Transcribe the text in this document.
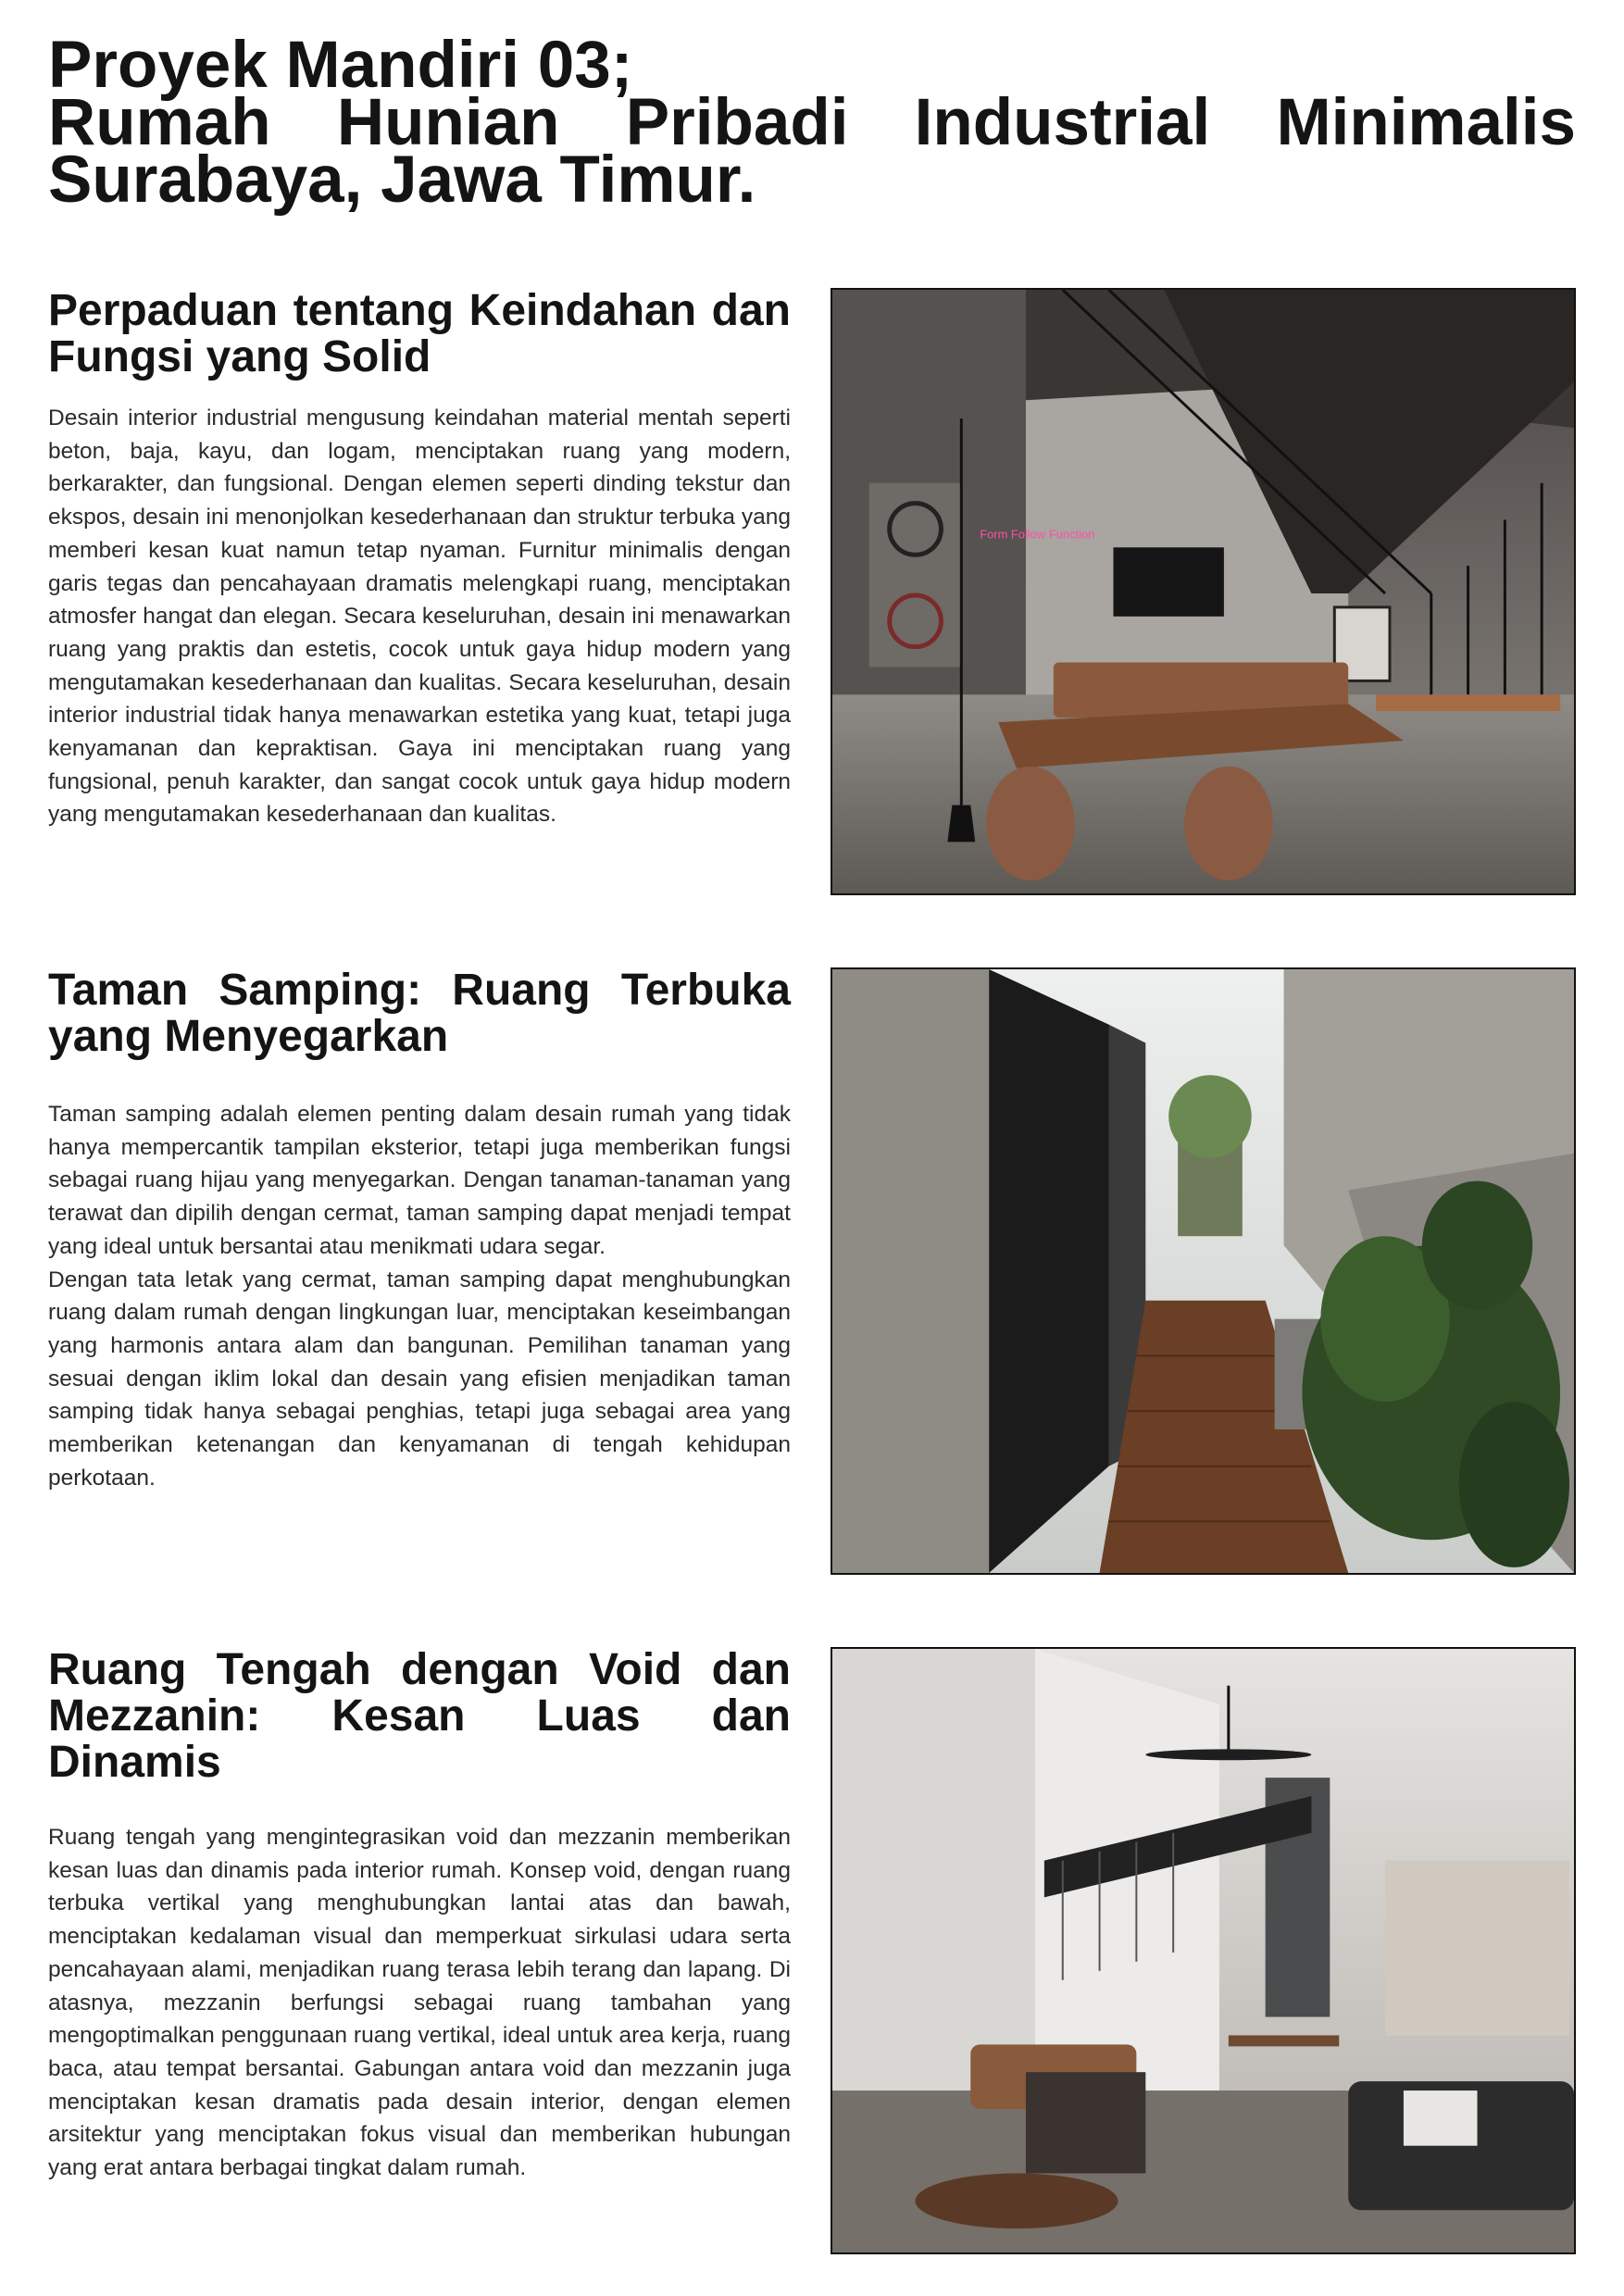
Proyek Mandiri 03;
Rumah Hunian Pribadi Industrial Minimalis
Surabaya, Jawa Timur.
Perpaduan tentang Keindahan dan Fungsi yang Solid
Desain interior industrial mengusung keindahan material mentah seperti beton, baja, kayu, dan logam, menciptakan ruang yang modern, berkarakter, dan fungsional. Dengan elemen seperti dinding tekstur dan ekspos, desain ini menonjolkan kesederhanaan dan struktur terbuka yang memberi kesan kuat namun tetap nyaman. Furnitur minimalis dengan garis tegas dan pencahayaan dramatis melengkapi ruang, menciptakan atmosfer hangat dan elegan. Secara keseluruhan, desain ini menawarkan ruang yang praktis dan estetis, cocok untuk gaya hidup modern yang mengutamakan kesederhanaan dan kualitas. Secara keseluruhan, desain interior industrial tidak hanya menawarkan estetika yang kuat, tetapi juga kenyamanan dan kepraktisan. Gaya ini menciptakan ruang yang fungsional, penuh karakter, dan sangat cocok untuk gaya hidup modern yang mengutamakan kesederhanaan dan kualitas.
Form Follow Function
Taman Samping: Ruang Terbuka yang Menyegarkan
Taman samping adalah elemen penting dalam desain rumah yang tidak hanya mempercantik tampilan eksterior, tetapi juga memberikan fungsi sebagai ruang hijau yang menyegarkan. Dengan tanaman-tanaman yang terawat dan dipilih dengan cermat, taman samping dapat menjadi tempat yang ideal untuk bersantai atau menikmati udara segar.
Dengan tata letak yang cermat, taman samping dapat menghubungkan ruang dalam rumah dengan lingkungan luar, menciptakan keseimbangan yang harmonis antara alam dan bangunan. Pemilihan tanaman yang sesuai dengan iklim lokal dan desain yang efisien menjadikan taman samping tidak hanya sebagai penghias, tetapi juga sebagai area yang memberikan ketenangan dan kenyamanan di tengah kehidupan perkotaan.
Ruang Tengah dengan Void dan Mezzanin: Kesan Luas dan Dinamis
Ruang tengah yang mengintegrasikan void dan mezzanin memberikan kesan luas dan dinamis pada interior rumah. Konsep void, dengan ruang terbuka vertikal yang menghubungkan lantai atas dan bawah, menciptakan kedalaman visual dan memperkuat sirkulasi udara serta pencahayaan alami, menjadikan ruang terasa lebih terang dan lapang. Di atasnya, mezzanin berfungsi sebagai ruang tambahan yang mengoptimalkan penggunaan ruang vertikal, ideal untuk area kerja, ruang baca, atau tempat bersantai. Gabungan antara void dan mezzanin juga menciptakan kesan dramatis pada desain interior, dengan elemen arsitektur yang menciptakan fokus visual dan memberikan hubungan yang erat antara berbagai tingkat dalam rumah.
